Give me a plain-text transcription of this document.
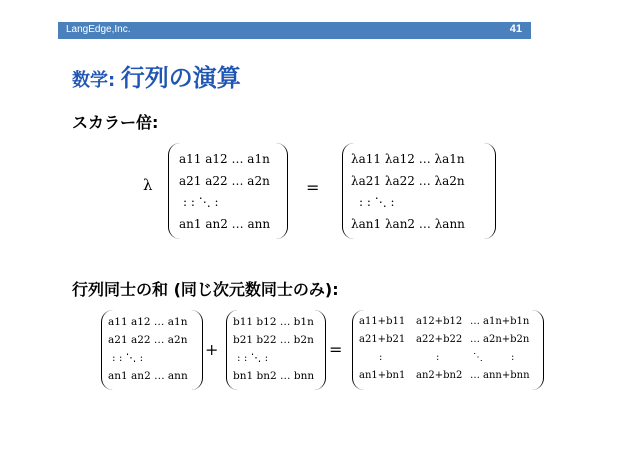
LangEdge,Inc.	41
数学: 行列の演算
スカラー倍:
λ
a11 a12 … a1n
a21 a22 … a2n
: : ⋱ :
an1 an2 … ann
=
λa11 λa12 … λa1n
λa21 λa22 … λa2n
: : ⋱ :
λan1 λan2 … λann
行列同士の和 (同じ次元数同士のみ):
a11 a12 … a1n
a21 a22 … a2n
: : ⋱ :
an1 an2 … ann
+
b11 b12 … b1n
b21 b22 … b2n
: : ⋱ :
bn1 bn2 … bnn
=
a11+b11 a12+b12 … a1n+b1n
a21+b21 a22+b22 … a2n+b2n
:	:	⋱	:
an1+bn1 an2+bn2 … ann+bnn
